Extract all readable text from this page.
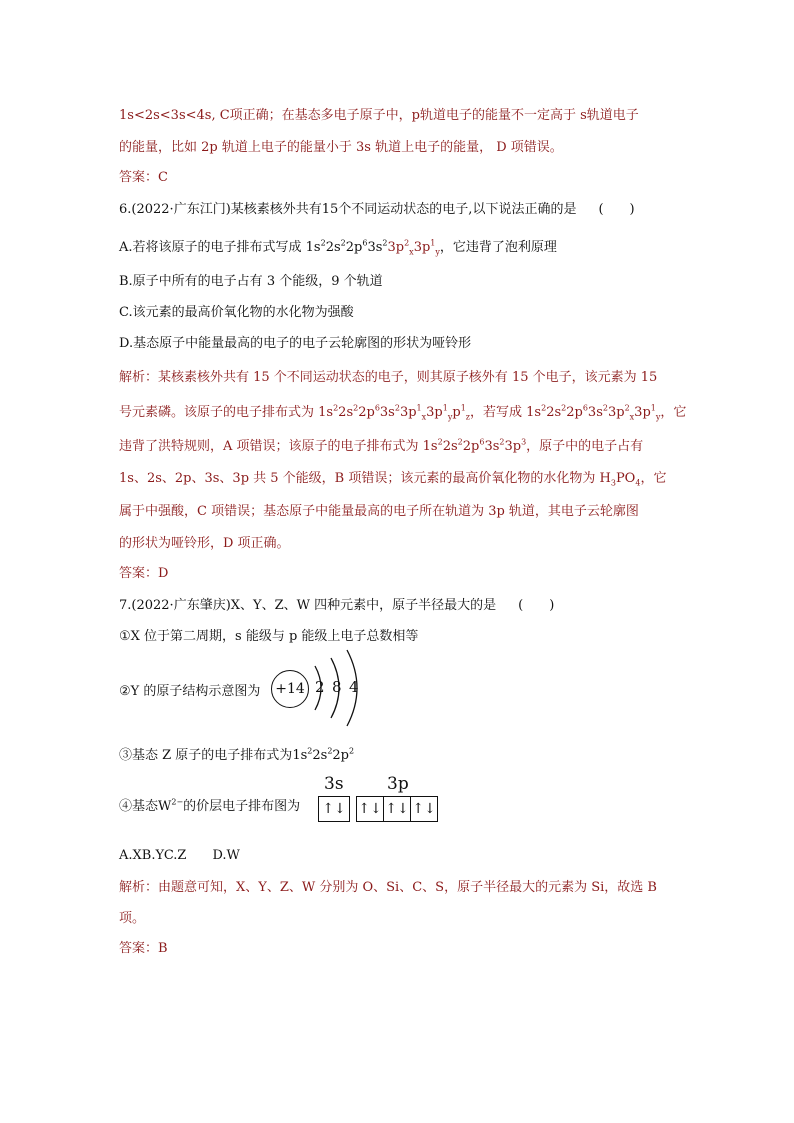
1s<2s<3s<4s, C项正确；在基态多电子原子中，p轨道电子的能量不一定高于 s轨道电子
的能量，比如 2p 轨道上电子的能量小于 3s 轨道上电子的能量， D 项错误。
答案：C
6.(2022·广东江门)某核素核外共有15个不同运动状态的电子,以下说法正确的是 (　　)
A.若将该原子的电子排布式写成 $1s^22s^22p^63s^23p^2_x3p^1_y$，它违背了泡利原理
B.原子中所有的电子占有 3 个能级，9 个轨道
C.该元素的最高价氧化物的水化物为强酸
D.基态原子中能量最高的电子的电子云轮廓图的形状为哑铃形
解析：某核素核外共有 15 个不同运动状态的电子，则其原子核外有 15 个电子，该元素为 15
号元素磷。该原子的电子排布式为 $1s^22s^22p^63s^23p^1_x3p^1_yp^1_z$，若写成 $1s^22s^22p^63s^23p^2_x3p^1_y$，它
违背了洪特规则，A 项错误；该原子的电子排布式为 $1s^22s^22p^63s^23p^3$，原子中的电子占有
1s、2s、2p、3s、3p 共 5 个能级，B 项错误；该元素的最高价氧化物的水化物为 $H_3PO_4$，它
属于中强酸，C 项错误；基态原子中能量最高的电子所在轨道为 3p 轨道，其电子云轮廓图
的形状为哑铃形，D 项正确。
答案：D
7.(2022·广东肇庆)X、Y、Z、W 四种元素中，原子半径最大的是 (　　)
①X 位于第二周期，s 能级与 p 能级上电子总数相等
②Y 的原子结构示意图为	+14 2 8 4
③基态 Z 原子的电子排布式为$1s^22s^22p^2$
④基态$W^{2-}$的价层电子排布图为
3s	3p
↑↓ ↑↓ ↑↓ ↑↓
A.XB.YC.Z　　D.W
解析：由题意可知，X、Y、Z、W 分别为 O、Si、C、S，原子半径最大的元素为 Si，故选 B
项。
答案：B
